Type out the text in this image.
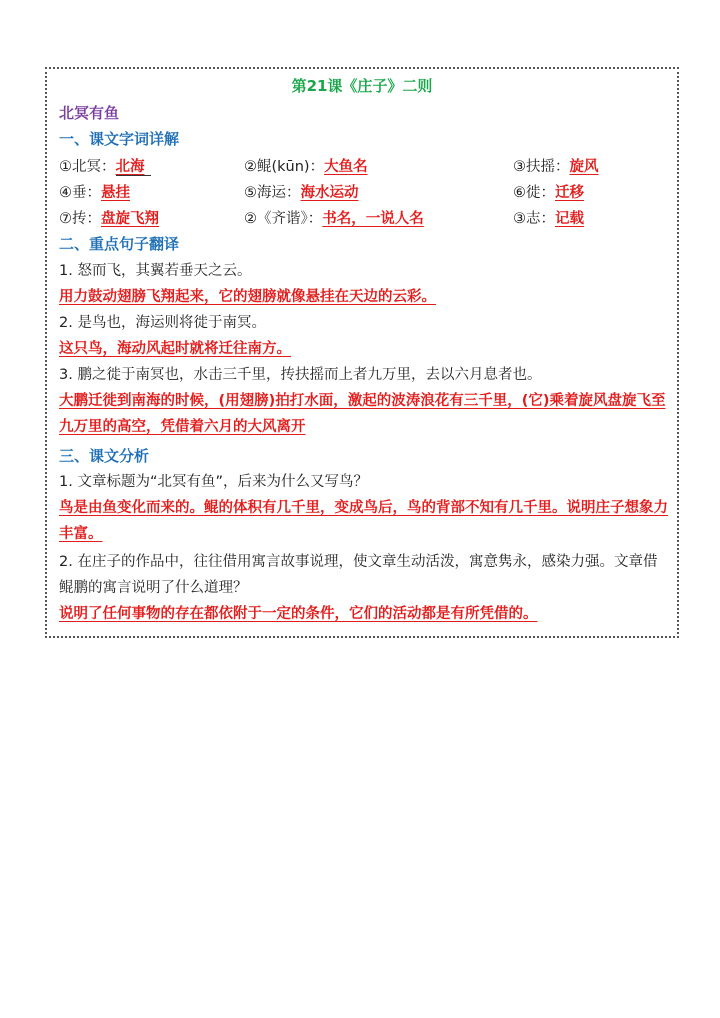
第21课《庄子》二则
北冥有鱼
一、课文字词详解
①北冥：北海	②鲲(kūn)：大鱼名	③扶摇：旋风
④垂：悬挂	⑤海运：海水运动	⑥徙：迁移
⑦抟：盘旋飞翔	②《齐谐》：书名，一说人名	③志：记载
二、重点句子翻译
1. 怒而飞，其翼若垂天之云。
用力鼓动翅膀飞翔起来，它的翅膀就像悬挂在天边的云彩。
2. 是鸟也，海运则将徙于南冥。
这只鸟，海动风起时就将迁往南方。
3. 鹏之徙于南冥也，水击三千里，抟扶摇而上者九万里，去以六月息者也。
大鹏迁徙到南海的时候，(用翅膀)拍打水面，激起的波涛浪花有三千里，(它)乘着旋风盘旋飞至九万里的高空，凭借着六月的大风离开
三、课文分析
1. 文章标题为“北冥有鱼”，后来为什么又写鸟？
鸟是由鱼变化而来的。鲲的体积有几千里，变成鸟后，鸟的背部不知有几千里。说明庄子想象力丰富。
2. 在庄子的作品中，往往借用寓言故事说理，使文章生动活泼，寓意隽永，感染力强。文章借鲲鹏的寓言说明了什么道理？
说明了任何事物的存在都依附于一定的条件，它们的活动都是有所凭借的。
